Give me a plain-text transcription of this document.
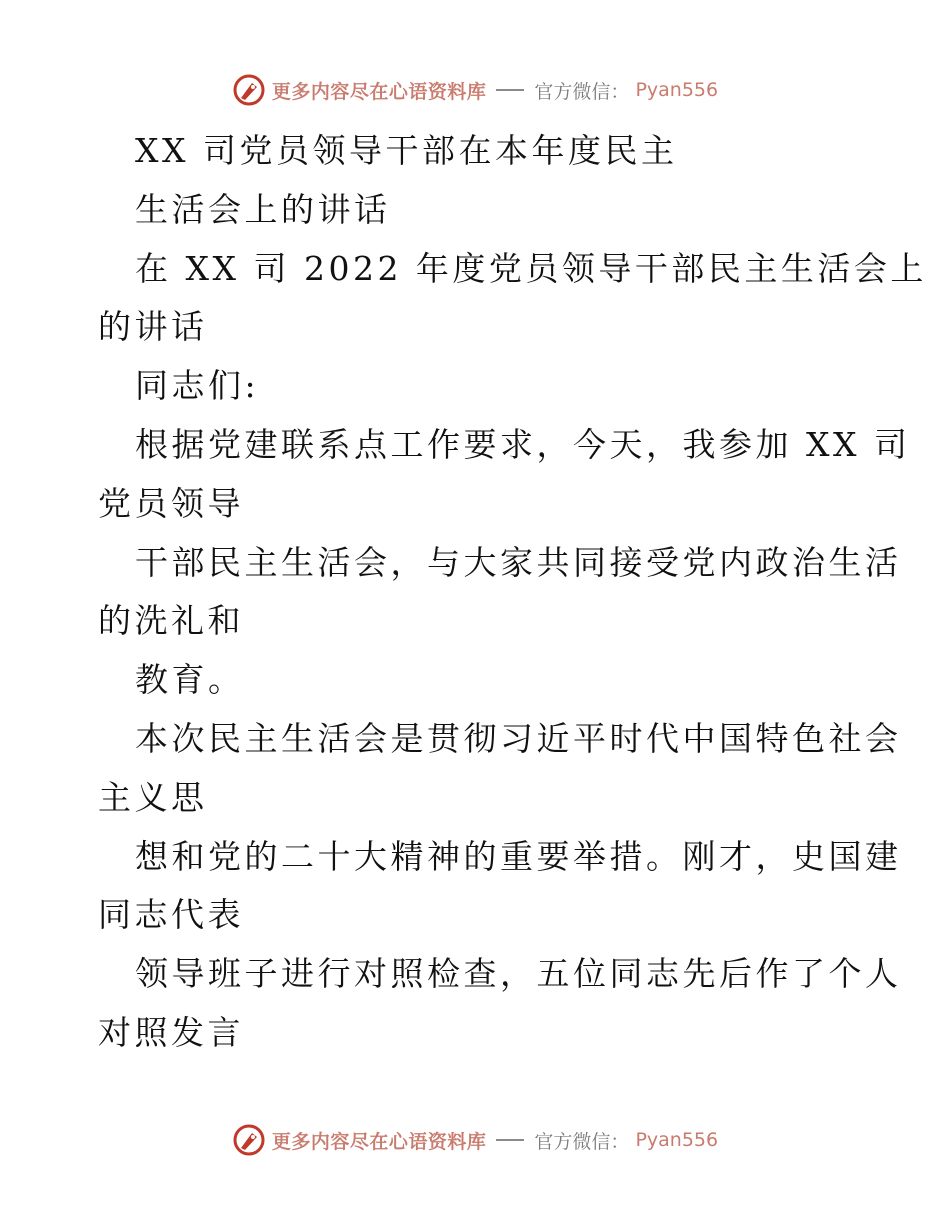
更多内容尽在心语资料库	官方微信： Pyan556
XX 司党员领导干部在本年度民主
生活会上的讲话
在 XX 司 2022 年度党员领导干部民主生活会上
的讲话
同志们:
根据党建联系点工作要求，今天，我参加 XX 司
党员领导
干部民主生活会，与大家共同接受党内政治生活
的洗礼和
教育。
本次民主生活会是贯彻习近平时代中国特色社会
主义思
想和党的二十大精神的重要举措。刚才，史国建
同志代表
领导班子进行对照检查，五位同志先后作了个人
对照发言
更多内容尽在心语资料库	官方微信： Pyan556
